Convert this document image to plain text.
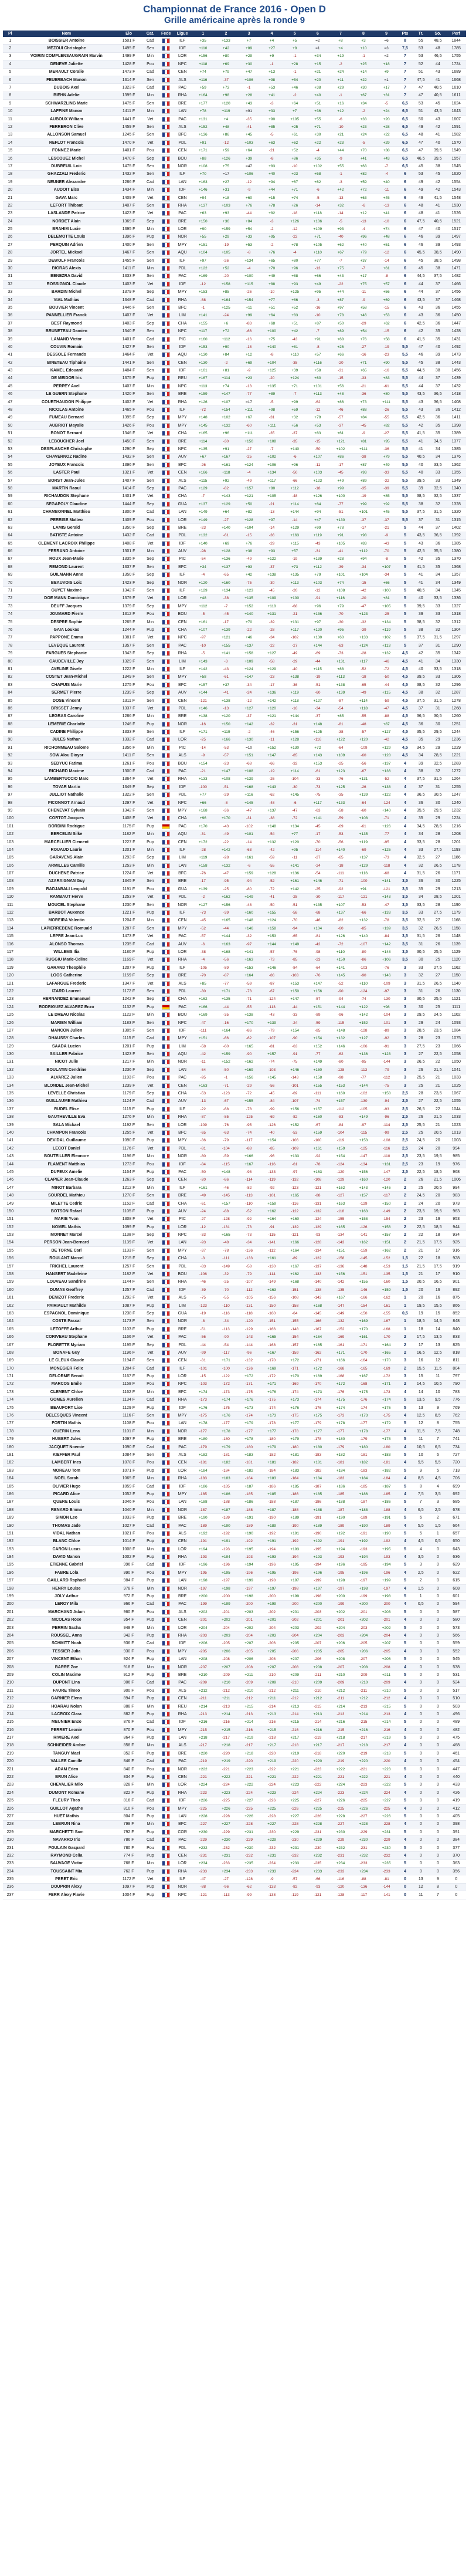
Championnat de France 2016 - Open D
Grille américaine après la ronde 9
Pl	Nom	Elo	Cat.	Fede	Ligue	1	2	3	4	5	6	7	8	9	Pts	Tr.	So.	Perf
1	BOISSIER Antoine	1501 F	Cad		ILF	+35	+133	+7	+4	+5	=2	+8	+3	=6	8	55	48,5	1844
2	MEZOUI Christophe	1495 F	Sen		IDF	+110	+42	+89	+27	+8	=1	+4	+10	=3	7,5	53	48	1785
3	VOIRIN COMPLENSAUGRAIN Marvin	1499 F	Min		LOR	+156	+80	+29	+9	-1	+34	+19	-1	=2	7	53	46,5	1755
4	DENEVE Juliette	1428 F	Pou		NPC	+118	+69	+30	-1	+28	+15	-2	+25	+18	7	52	44	1724
5	MERAULT Coralie	1473 F	Cad		CEN	+74	+79	+47	+13	-1	+21	+24	+14	+9	7	51	43	1689
6	FEUERBACH Manon	1314 F	Sen		ALS	+116	-37	+106	+98	+54	+20	+11	+22	=1	7	47,5	41	1668
7	DUBOIS Axel	1323 F	Cad		PAC	+59	+73	-1	+53	+46	+38	+29	+30	+17	7	47	40,5	1610
8	BIEHN Adelie	1399 F	Min		RHA	+164	+98	+28	+41	-2	+40	-1	+67	+31	7	47	40,5	1611
9	SCHWARZLING Marie	1475 F	Sen		BRE	+177	+120	+43	-3	+64	+51	+16	+34	-5	6,5	53	45	1624
10	LAFFINE Manon	1411 F	Min		LAN	+78	+119	=91	+33	+7	+36	+12	-2	+24	6,5	51	43,5	1643
11	AUBOUX William	1441 F	Vet		PAC	+131	+4	-35	+90	+105	+55	-6	+33	+20	6,5	50	43	1607
12	FERRERON Clive	1459 F	Sen		ALS	+152	+48	-41	+85	+25	+71	-10	+23	+28	6,5	49	42	1591
13	ALLONSON Samuel	1245 F	Sen		BFC	+136	+86	+45	-5	+61	+30	+21	+24	+22	6,5	48	41	1582
14	REFLOT Francois	1470 F	Vet		PDL	+91	-12	+103	+63	+62	+22	+23	-5	+29	6,5	47	40	1570
15	FONNEZ Marie	1401 F	Pou		CEN	+171	+59	+64	-21	+52	-4	+44	+70	+38	6,5	47	39,5	1549
16	LESCOUEZ Michel	1470 F	Sep		BOU	+88	+126	+39	-8	+86	+35	-9	+41	+43	6,5	46,5	39,5	1557
17	DUBREUIL Loic	1475 F	Sen		NOR	+108	+75	=47	+83	-10	+102	+55	+63	-7	6,5	45	38	1545
18	GHAZZALI Frederic	1432 F	Sen		ILF	+70	=17	+106	+40	+23	+58	-1	+82	-4	6	53	45	1620
19	NEUNER Alexandre	1286 F	Cad		LAN	+163	+27	-12	+94	+67	+82	-3	+59	+40	6	49	42	1554
20	AUDOIT Elsa	1434 F	Min		IDF	+146	+31	-9	+44	+71	-6	+42	+72	-11	6	49	42	1543
21	GAVA Marc	1409 F	Vet		CEN	+94	+18	+60	+15	+74	-5	-13	+63	+45	6	49	41,5	1548
22	LEFORT Thibaut	1407 F	Sen		RHA	+137	+103	+76	+78	+26	-14	+32	-6	-13	6	48	41	1530
23	LASLANDE Patrice	1423 F	Vet		PAC	+63	+93	-44	+82	-18	+118	-14	+12	+41	6	48	41	1526
24	NORDET Alain	1369 F	Sep		BRE	+150	+36	+84	-3	+126	+106	-5	-13	-10	6	47,5	40,5	1521
25	BRAHIM Lucie	1395 F	Min		LOR	+90	+159	+54	-2	-12	+109	+93	-4	+74	6	47	40	1517
26	DELEMOTTE Louis	1396 F	Pup		NOR	+55	+29	+33	+95	-22	+71	-40	+96	+48	6	46	39	1497
27	PERQUIN Adrien	1400 F	Sen		MPY	+151	-19	+53	-2	+78	+105	+62	+40	+51	6	46	39	1493
28	JORTEL Mickael	1467 F	Sen		AQU	+104	+105	-8	+76	-4	+110	+67	+79	-12	6	45,5	38,5	1490
29	DEWOLF Francois	1455 F	Sen		ILF	+97	-26	+134	+65	+80	+77	-7	+37	-14	6	45	38,5	1498
30	BIGRAS Alexis	1411 F	Min		PDL	+122	+52	-4	+70	+96	-13	+75	-7	+61	6	45	38	1471
31	BENEZRA David	1333 F	Sen		PAC	+169	-20	+100	+49	+88	+66	+43	+17	-8	6	44,5	37,5	1482
32	ROSSIGNOL Claude	1403 F	Vet		IDF	-12	+158	+115	+88	+93	+49	-22	+75	+57	6	44	37	1466
33	BARDIN Michel	1379 F	Sep		MPY	+153	+85	-26	-10	+125	+95	+44	-11	+56	6	44	37	1456
34	VIAL Mathias	1348 F	Cad		RHA	-68	+164	+154	+77	+86	-3	+87	-9	+69	6	43,5	37	1468
35	BOUVIER Vincent	1446 F	Sen		BFC	-1	+125	+11	+51	+52	-16	+97	+58	-15	6	43	36	1455
36	PANNELLIER Franck	1407 F	Vet		LIM	+141	-24	+99	+64	+83	-10	+78	+46	+53	6	43	36	1450
37	BEST Raymond	1403 F	Sep		CHA	+155	+6	-83	+68	+51	+87	+50	-29	+62	6	42,5	36	1447
38	BRUNETEAU Damien	1340 F	Sen		NPC	+117	+72	-66	+100	+42	-7	+89	+54	-15	6	42	35	1428
39	LAMAND Victor	1401 F	Cad		PIC	+160	+112	-16	+75	-43	+91	+68	+76	+58	6	41,5	35	1431
40	COUVIN Romain	1427 F	Sen		IDF	+153	+90	-18	+140	+81	-8	+26	-27	-19	5,5	47	40	1492
41	DESSOLE Fernando	1464 F	Vet		AQU	+130	+84	+12	-8	+110	+57	+66	-16	-23	5,5	46	39	1473
42	BINETEAU Tiphaine	1441 F	Sen		CEN	+130	-2	+69	+104	-38	+116	-20	+71	+90	5,5	45	38	1443
43	KAMEL Edouard	1484 F	Sen		IDF	+101	+81	-9	+125	+39	+58	-31	+65	-16	5,5	44,5	38	1456
44	DE MEIDOR Iris	1375 F	Pup		REU	+167	+114	+23	-20	+124	+80	-15	-33	+83	5,5	44	37	1439
45	PERPEY Axel	1407 F	Min		NPC	+113	+74	-13	+135	+71	+101	+56	-21	-61	5,5	44	37	1432
46	LE GUERN Stephane	1420 F	Sen		BRE	+159	+147	-77	+89	-7	+113	+48	-36	+80	5,5	43,5	36,5	1418
47	COURTHAUDON Philippe	1402 F	Vet		RHA	+126	+107	=17	-5	+99	-62	+86	+73	+111	5,5	43	36,5	1408
48	NICOLAS Antoine	1465 F	Pou		ILF	-72	+154	+111	+98	+59	-12	-46	+88	-26	5,5	43	36	1412
49	FUMEAU Bernard	1395 F	Sep		MPY	+148	+102	+67	-31	+32	+79	-57	+84	-55	5,5	42,5	36	1411
50	AUBRIOT Mayalie	1426 F	Pou		MPY	+145	+132	-60	+111	+56	+53	-37	-45	+82	5,5	42	35	1398
51	BONOT Bernard	1346 F	Vet		CHA	+165	+96	+111	-35	-37	+83	+61	-9	-27	5,5	41,5	35	1389
52	LEBOUCHER Joel	1450 F	Sen		BRE	+114	-30	+150	+108	-35	-15	+121	+81	+95	5,5	41	34,5	1377
53	DESPLANCHE Christophe	1290 F	Sep		NPC	+135	+91	-27	-7	+140	-50	+102	+111	-36	5,5	41	34	1385
54	CHAVERNOZ Nadine	1432 F	Sen		AUV	+67	+167	-25	+102	-6	+107	+86	-38	+79	5,5	40,5	34	1376
55	JOYEUX Francois	1396 F	Sen		BFC	-26	+161	+124	+106	+96	-11	-17	+87	+49	5,5	40	33,5	1362
56	LASTER Paul	1321 F	Vet		CEN	+166	+118	-4	+134	-50	+103	-45	+93	-33	5,5	40	33	1355
57	BORST Jean-Jules	1407 F	Sen		ALS	+115	+92	-49	+117	-66	+123	+49	+89	-32	5,5	39,5	33	1349
58	MARTIN Raoul	1414 F	Sep		PAC	+129	-82	+157	+80	+112	-18	+99	-35	-39	5,5	39	32,5	1340
59	RICHAUDON Stephane	1401 F	Vet		CHA	-7	+143	+121	+105	-48	+126	+100	-19	+85	5,5	38,5	32,5	1337
60	SEGAPOLY Claudine	1444 F	Sep		GUA	+137	+129	+50	-21	+114	+84	-77	+99	+92	5,5	38	32	1328
61	CHAMBONNEL Matthieu	1300 F	Cad		LAN	+149	+64	+82	-13	+144	+94	-51	+101	+45	5,5	37,5	31,5	1320
62	PERRISE Matteo	1409 F	Pou		LOR	+149	-27	+128	+97	-14	+47	+130	-37	-37	5,5	37	31	1315
63	LAMIS Gerald	1350 F	Sep		BRE	-23	+140	+104	-14	+129	+99	+78	-17	-21	5	44	37	1402
64	BATISTE Antoine	1432 F	Cad		PDL	+132	-61	-15	-36	+163	+119	+91	+98	-9	5	43,5	36,5	1392
65	CLEMENT LACROIX Philippe	1408 F	Vet		IDF	+140	+69	+76	-29	+115	-43	+105	+83	-43	5	43	36	1385
66	FERRAND Antoine	1301 F	Min		AUV	-98	+128	+38	+93	+57	-31	-41	+112	-70	5	42,5	35,5	1380
67	ROUX Jean-Marie	1335 F	Sep		PIC	-54	+136	-49	+122	-19	+139	+28	+94	-8	5	42	35	1370
68	REMOND Laurent	1337 F	Sen		BFC	+34	+137	+93	-37	+73	+112	-39	-34	+107	5	41,5	35	1368
69	GUILMANN Anne	1350 F	Sep		ILF	-4	-65	+42	+138	+135	+79	+101	+104	-34	5	41	34	1357
70	BEAUVOIS Loic	1423 F	Sep		NOR	+120	+160	-75	-30	+113	+103	+74	-15	+66	5	41	34	1349
71	GUYET Maxime	1342 F	Sen		ILF	+129	+134	+123	-45	-20	-12	+108	-42	+100	5	40,5	34	1345
72	DOE MANN Dominique	1379 F	Vet		LOR	+48	-38	+135	+109	+100	-91	+116	-20	+81	5	40	33,5	1336
73	DEUFF Jacques	1379 F	Sep		MPY	+112	-7	+152	+118	-68	+96	+79	-47	+105	5	39,5	33	1327
74	JOUMARD Pierre	1312 F	Pou		BOU	-5	-45	+140	+131	-21	+136	-70	+123	-25	5	39	33	1318
75	DESPRE Sophie	1265 F	Min		CEN	+161	-17	+70	-39	+131	+97	-30	-32	+134	5	38,5	32	1312
76	GAIA Loukas	1244 F	Pup		CHA	+107	+139	-22	-28	+117	+120	+95	-39	+119	5	38	32	1304
77	PAPPONE Emma	1381 F	Vet		NPC	-97	+121	+46	-34	-102	+130	+60	+133	+102	5	37,5	31,5	1297
78	LEVEQUE Laurent	1357 F	Sen		PAC	-10	+155	+137	-22	-27	+144	-63	+124	+113	5	37	31	1290
79	FARGUES Stephanie	1343 F	Sep		RHA	-5	+141	+158	+127	-49	-69	-73	-28	+132	4,5	42	35	1342
80	CAUDEVILLE Joy	1329 F	Sen		LIM	+143	-3	+109	-58	-29	-44	+131	+117	-46	4,5	41	34	1330
81	AVELINE Gisele	1222 F	Min		ILF	+142	-43	+124	+129	-40	+115	+88	-52	-72	4,5	40	33,5	1318
82	COSTET Jean-Michel	1349 F	Sen		MPY	+58	-61	+147	-23	+138	-19	+113	-18	-50	4,5	39,5	33	1306
83	CHAPUIS Marie	1275 F	Pou		BFC	+157	+37	-34	-17	-36	-51	+138	-65	-44	4,5	38,5	32	1296
84	SERMET Pierre	1239 F	Sep		AUV	+144	-41	-24	+136	+119	-60	+139	-49	+115	4,5	38	32	1287
85	DOSE Vincent	1311 F	Sen		CEN	-121	+138	-12	+142	+118	+127	-87	+114	-59	4,5	37,5	31,5	1278
86	BRISSET Jenny	1337 F	Vet		PDL	+146	-13	+127	+120	-16	-34	-54	+118	-47	4,5	37	31	1268
87	LEGRAS Caroline	1286 F	Min		BRE	+138	+120	-37	+121	+144	-37	+85	-55	-88	4,5	36,5	30,5	1260
88	LEMERIE Charlotte	1246 F	Pup		NOR	-16	+150	+142	-32	-31	+148	-81	-48	+87	4,5	36	30	1251
89	CADINE Philippe	1333 F	Sen		ILF	+171	+119	-2	-46	+156	+125	-38	-57	+127	4,5	35,5	29,5	1244
90	JULES Nathan	1332 F	Cad		LOR	-25	+166	+130	-11	+128	-116	+122	+120	-42	4,5	35	29	1236
91	RICHOMMEAU Salome	1356 F	Min		PIC	-14	-53	=10	+152	+130	+72	-64	-109	+129	4,5	34,5	29	1229
92	SOW Alou Dioyar	1411 F	Sen		ALS	-9	-57	+151	+147	-85	+143	+109	-60	+128	4,5	34	28,5	1221
93	SEDYUC Fatima	1261 F	Pou		BOU	+154	-23	-68	-66	-32	+153	-25	-56	+137	4	39	32,5	1283
94	RICHARD Maxime	1300 F	Cad		PAC	-21	+147	+108	-19	+114	-61	+123	-67	+136	4	38	32	1272
95	LAMBERTUCCIO Marc	1364 F	Vet		RHA	+133	+108	+139	-26	-104	-33	-76	+131	-52	4	37,5	31,5	1264
96	TOVAR Martin	1349 F	Sep		IDF	-100	-51	+168	+143	-30	-73	+125	-26	+138	4	37	31	1255
97	JULLIOT Nathalie	1322 F	Sen		PDL	+77	-29	+116	-62	+145	-75	-35	+139	+122	4	36,5	30,5	1247
98	PICONNOT Arnaud	1297 F	Vet		NPC	+66	-8	+145	-48	-6	+117	+133	-64	-124	4	36	30	1240
99	CHENEVAT Sylvain	1342 F	Sen		MPY	+168	-36	-47	+137	-47	-63	-58	-60	+140	4	35,5	29,5	1232
100	CORTOT Jacques	1408 F	Vet		CHA	+96	+170	-31	-38	-72	+141	-59	+108	-71	4	35	29	1224
101	BORDINI Rodrigue	1175 F	Pup		PAC	+170	-43	-102	+148	+134	-45	-69	-61	+126	4	34,5	28,5	1216
102	BERCELIN Silke	1182 F	Min		AQU	-31	-49	+101	-54	+77	-17	-53	+135	-77	4	34	28	1208
103	MARCELLIER Clement	1227 F	Pup		CEN	+172	-22	-14	+132	+120	-70	-56	+119	-95	4	33,5	28	1201
104	ROUAUD Laurie	1201 F	Min		ILF	-28	+142	-63	-42	+95	-114	+140	-69	+125	4	33	27,5	1193
105	GARAVENS Alain	1293 F	Sep		LIM	+119	-28	+161	-59	-11	-27	-65	+137	-73	4	32,5	27	1186
106	ARMILLES Camille	1253 F	Min		LAN	+158	+132	-6	-55	+141	-24	-18	+129	-118	4	32	26,5	1178
107	DUCHENE Patrice	1224 F	Vet		BFC	-76	-47	+159	+128	+136	-54	-111	+116	-68	4	31,5	26	1171
108	AZARAIGNAN Guy	1345 F	Sen		BRE	-17	-95	-94	-52	+161	+146	-71	-100	+141	3,5	36	30	1225
109	RADJABALI Leopold	1191 F	Pou		GUA	+139	-25	-80	-72	+142	-25	-92	+91	-121	3,5	35	29	1213
110	RAMBAUT Herve	1253 F	Vet		PDL	-2	+162	+149	-41	-28	-30	-117	-121	+143	3,5	34	28,5	1201
111	MOUCEL Stephane	1230 F	Sen		NOR	+127	+156	-48	-50	-51	+135	+107	-53	-47	3,5	33,5	28	1190
112	BARBOT Auxence	1221 F	Pup		ILF	-73	-39	+160	+155	-58	-68	+137	-66	+133	3,5	33	27,5	1179
113	MOREIRA Valentin	1204 F	Min		CEN	-45	+165	+148	+124	-70	-46	-82	+132	-78	3,5	32,5	27	1168
114	LAPIERREBENE Romuald	1287 F	Sen		MPY	-52	-44	+146	+158	-94	+104	-60	-85	+139	3,5	32	26,5	1158
115	LEPRE Jean-Luc	1473 F	Vet		PAC	-57	+144	-32	+153	-65	-81	+126	+140	-84	3,5	31,5	26	1148
116	ALONSO Thomas	1235 F	Cad		AUV	-6	+163	-97	+144	+149	-42	-72	-107	+142	3,5	31	26	1139
117	WILLEMS Ilia	1180 F	Pup		LOR	-38	+168	+141	-57	-76	-98	+110	-80	+148	3,5	30,5	25,5	1129
118	RUGGIU Marie-Celine	1169 F	Vet		RHA	-4	-56	+163	-73	-85	-23	+150	-86	+106	3,5	30	25	1120
119	GARAND Theophile	1207 F	Pup		ILF	-105	-89	+153	+146	-84	-64	+141	-103	-76	3	33	27,5	1162
120	LOOS Catherine	1159 F	Sep		BRE	-70	-87	+164	-86	-103	-76	+145	-90	+146	3	32	27	1150
121	LAFARGUE Frederic	1347 F	Vet		ALS	+85	-77	-59	-87	+153	+147	-52	+110	-109	3	31,5	26,5	1140
122	IZARD Laurent	1172 F	Sen		PDL	-30	+171	-73	-67	+150	+156	-90	-124	-97	3	31	26	1130
123	HERNANDEZ Emmanuel	1242 F	Sep		CHA	+162	+135	-71	-124	+147	-57	-94	-74	-130	3	30,5	25,5	1121
124	RODRIGUEZ ALVAREZ Enzo	1132 F	Pup		PAC	+166	-44	-55	-113	-44	+151	+144	+122	+98	3	30	25	1111
125	LE DREAU Nicolas	1122 F	Min		BOU	+169	-35	+138	-43	-33	-89	-96	+142	-104	3	29,5	24,5	1102
126	MARIEN William	1183 F	Sen		NPC	-47	-16	+170	+139	-24	-59	-115	+152	-101	3	29	24	1093
127	MANCON Julien	1305 F	Sen		IDF	-111	+164	-86	-79	+154	-85	+148	-128	-89	3	28,5	23,5	1084
128	DHAUSSY Charles	1115 F	Cad		MPY	+151	-66	-62	-107	-90	+154	+132	+127	-92	3	28	23	1075
129	SAADA Lucien	1201 F	Pup		LIM	-58	-60	+165	-81	-63	+152	+146	-106	-91	3	27,5	23	1066
130	SAILLER Fabrice	1423 F	Sen		AQU	-42	+159	-90	+157	-91	-77	-62	+136	+123	3	27	22,5	1058
131	NICOT Julie	1217 F	Min		NOR	-11	+152	+162	-74	-75	+149	-80	-95	-144	3	26,5	22	1050
132	BOULATIN Cendrine	1236 F	Sep		LAN	-64	-50	+169	-103	+146	+150	-128	-113	-79	3	26	21,5	1041
133	ALVAREZ Julien	1193 F	Pou		PAC	-95	-1	+156	+145	-143	+158	-98	-77	-112	3	25,5	21	1033
134	BLONDEL Jean-Michel	1239 F	Vet		CEN	+163	-71	-29	-56	-101	+155	+153	+144	-75	3	25	21	1025
135	LEVELLE Christian	1179 F	Sep		CHA	-53	-123	-72	-45	-69	-111	+160	-102	+158	2,5	28	23,5	1067
136	GUILLAUME Mathieu	1124 F	Cad		AUV	-13	-67	+155	-84	-107	-74	+157	-130	-94	2,5	27	22,5	1055
137	RUDEL Elise	1115 F	Pup		ILF	-22	-68	-78	-99	+156	+157	-112	-105	-93	2,5	26,5	22	1044
138	GAUTHEVILLE Eva	1276 F	Min		RHA	-87	-85	-125	-69	-82	+160	-83	+149	-96	2,5	26	21,5	1033
139	SALA Mickael	1192 F	Sen		LOR	-109	-76	-95	-126	+152	-67	-84	-97	-114	2,5	25,5	21	1023
140	CHAMPON Francois	1255 F	Vet		BFC	-65	-63	-74	-40	-53	+159	-104	-115	-99	2,5	25	20,5	1013
141	DEVIDAL Guillaume	1090 F	Pup		MPY	-36	-79	-117	+154	-106	-100	-119	+153	-108	2,5	24,5	20	1003
142	LECOT Daniel	1176 F	Vet		PDL	-81	-104	-88	-85	-109	+161	+159	-125	-116	2,5	24	20	994
143	BOUTEILLER Eleonore	1196 F	Min		NOR	-80	-59	+166	-96	+133	-92	+154	-147	-110	2,5	23,5	19,5	985
144	FLAMENT Matthias	1273 F	Pou		IDF	-84	-115	+167	-116	-61	-78	-124	-134	+131	2,5	23	19	976
145	DUPEUX Amelie	1164 F	Pup		PAC	-50	+148	-98	-133	-97	+163	-120	+156	-147	2,5	22,5	18,5	968
146	CLAPIER Jean-Claude	1263 F	Sep		CEN	-20	-86	-114	-119	-132	-108	-129	+160	-120	2	26	21,5	1006
147	MINOT Barbara	1212 F	Min		ILF	+161	-46	-82	-92	-123	-121	+162	+143	+145	2	25	20,5	994
148	SOURDEL Mathieu	1270 F	Sen		BRE	-49	-145	-113	-101	+165	-88	-127	+157	-117	2	24,5	20	983
149	MILETTE Cedric	1152 F	Cad		CHA	-61	+157	-110	+159	-116	-131	+163	-129	+150	2	24	20	973
150	BOTSON Rafael	1105 F	Pup		AUV	-24	-88	-52	+162	-122	-132	-118	+163	-149	2	23,5	19,5	963
151	MARIE Yvon	1308 F	Vet		PIC	-27	-128	-92	+164	+160	-124	-155	+158	-154	2	23	19	953
152	NOMEL Mathis	1099 F	Pup		LOR	-12	-131	-73	-91	-139	-129	+165	-126	+156	2	22,5	18,5	944
153	MONNET Marcel	1138 F	Sep		NPC	-33	+165	-73	-115	-121	-93	-134	-141	+157	2	22	18	934
154	PERSON Jean-Bernard	1139 F	Vet		LAN	-93	-48	-34	-141	+166	-128	-143	+162	+151	2	21,5	17,5	925
155	DE TORNE Carl	1133 F	Sen		MPY	-37	-78	-136	-112	+164	-134	+151	-159	+162	2	21	17	916
156	ROULANT Marcel	1215 F	Sep		CHA	-3	-111	-133	+161	-89	-122	-158	-145	-152	1,5	22	18	928
157	FRICHEL Laurent	1257 F	Sen		PDL	-83	-149	-58	-130	+167	-137	-136	-148	-153	1,5	21,5	17,5	919
158	HANSERT Madeleine	1182 F	Vet		BOU	-106	-32	-79	-114	+162	-133	+156	-151	-135	1,5	21	17	910
159	LOUVEAU Sandrine	1144 F	Sen		RHA	-46	-25	-107	-149	+168	-140	-142	+155	-160	1,5	20,5	16,5	901
160	DUMAS Geoffrey	1257 F	Cad		IDF	-39	-70	-112	+163	-151	-138	-135	-146	+159	1,5	20	16	892
161	DENIZOT Frederic	1292 F	Vet		ALS	-75	-55	-105	-156	-108	-142	+167	-166	-162	1	20	16	875
162	PAIRIAULT Mathilde	1087 F	Pup		LIM	-123	-110	-131	-150	-158	+168	-147	-154	-161	1	19,5	15,5	866
163	ESPAGNOL Dominique	1238 F	Sep		GUA	-19	-116	-118	-160	-64	-145	-149	-150	-155	0,5	19	15	852
164	COSTE Pascal	1173 F	Sen		NOR	-8	-34	-120	-151	-155	-166	-132	+169	-167	1	18,5	14,5	848
165	LETOFFE Arthur	1103 F	Pup		BRE	-51	-113	-129	-166	-148	-167	-152	+170	-168	1	18	14	840
166	CORIVEAU Stephane	1166 F	Vet		PAC	-56	-90	-143	+165	-154	+164	-169	+161	-170	2	17,5	13,5	833
167	FLORETTE Myriam	1195 F	Sep		PDL	-44	-54	-144	-168	-157	+165	-161	-171	+164	2	17	13	825
168	BONAFE Guy	1196 F	Vet		AUV	-99	-117	-96	+167	-159	-162	+171	-170	+165	2	16,5	12,5	818
169	LE CLEUX Claude	1194 F	Sen		CEN	-31	+171	-132	-170	+172	-171	+166	-164	+170	3	16	12	811
170	MONEGIER Felix	1204 F	Cad		ILF	-101	-100	-126	+169	-171	+172	-168	-165	-169	2	15,5	11,5	804
171	DELORME Benoit	1167 F	Pup		LOR	-15	-122	+172	-172	+170	+169	-168	+167	-172	3	15	11	797
172	MARCOS Emile	1158 F	Pou		NPC	-103	-172	-171	+171	-169	-170	+172	-168	+171	2	14,5	10,5	790
173	CLEMENT Chloe	1162 F	Min		BFC	+174	-173	-175	+176	-174	+173	-176	+175	-173	4	14	10	783
174	GOMES Aurelien	1134 F	Cad		RHA	-173	+174	+176	-175	+173	-174	+175	-176	+174	5	13,5	9,5	776
175	BEAUFORT Lise	1129 F	Pup		IDF	+176	-175	+173	-174	+176	-176	+174	-174	+176	5	13	9	769
176	DELESQUES Vincent	1116 F	Sen		MPY	-175	+176	-174	+173	-175	+175	-173	+173	-175	4	12,5	8,5	762
177	FORTIN Mathis	1108 F	Pou		LAN	+178	-177	+179	-178	+177	-179	+178	-177	+179	5	12	8	755
178	GUERIN Lena	1101 F	Min		NOR	-177	+178	-177	+177	-178	+177	-177	+178	-177	4	11,5	7,5	748
179	HUBERT Jules	1097 F	Pup		BRE	+180	-180	+178	-180	+179	-178	+180	-179	+178	5	11	7	741
180	JACQUET Noemie	1090 F	Cad		PAC	-179	+179	-180	+179	-180	+180	-179	+180	-180	4	10,5	6,5	734
181	KIEFFER Paul	1084 F	Sen		ALS	+182	-181	+183	-182	+181	-183	+182	-181	+183	5	10	6	727
182	LAMBERT Ines	1078 F	Pou		CEN	-181	+182	-181	+181	-182	+181	-181	+182	-181	4	9,5	5,5	720
183	MOREAU Tom	1071 F	Pup		LOR	+184	-184	+182	-184	+183	-182	+184	-183	+182	5	9	5	713
184	NOEL Sarah	1065 F	Min		RHA	-183	+183	-184	+183	-184	+184	-183	+184	-184	4	8,5	4,5	706
185	OLIVIER Hugo	1059 F	Cad		IDF	+186	-185	+187	-186	+185	-187	+186	-185	+187	5	8	4	699
186	PICARD Alice	1052 F	Pup		MPY	-185	+186	-185	+185	-186	+185	-185	+186	-185	4	7,5	3,5	692
187	QUERE Louis	1046 F	Pou		LAN	+188	-188	+186	-188	+187	-186	+188	-187	+186	5	7	3	685
188	RENARD Emma	1040 F	Min		NOR	-187	+187	-188	+187	-188	+188	-187	+188	-188	4	6,5	2,5	678
189	SIMON Leo	1033 F	Pup		BRE	+190	-189	+191	-190	+189	-191	+190	-189	+191	5	6	2	671
190	THOMAS Jade	1027 F	Cad		PAC	-189	+190	-189	+189	-190	+189	-189	+190	-189	4	5,5	1,5	664
191	VIDAL Nathan	1021 F	Pou		ALS	+192	-192	+190	-192	+191	-190	+192	-191	+190	5	5	1	657
192	BLANC Chloe	1014 F	Pup		CEN	-191	+191	-192	+191	-192	+192	-191	+192	-192	4	4,5	0,5	650
193	CARON Lucas	1008 F	Min		LOR	+194	-193	+195	-194	+193	-195	+194	-193	+195	5	4	0	643
194	DAVID Manon	1002 F	Pup		RHA	-193	+194	-193	+193	-194	+193	-193	+194	-193	4	3,5	0	636
195	ETIENNE Gabriel	996 F	Cad		IDF	+196	-196	+194	-196	+195	-194	+196	-195	+194	5	3	0	629
196	FABRE Lola	990 F	Pou		MPY	-195	+195	-196	+195	-196	+196	-195	+196	-196	4	2,5	0	622
197	GAILLARD Raphael	984 F	Pup		LAN	+198	-197	+199	-198	+197	-199	+198	-197	+199	5	2	0	615
198	HENRY Louise	978 F	Min		NOR	-197	+198	-197	+197	-198	+197	-197	+198	-197	4	1,5	0	608
199	JOLY Arthur	972 F	Pup		BRE	+200	-200	+198	-200	+199	-198	+200	-199	+198	5	1	0	601
200	LEROY Mila	966 F	Cad		PAC	-199	+199	-200	+199	-200	+200	-199	+200	-200	4	0,5	0	594
201	MARCHAND Adam	960 F	Pou		ALS	+202	-201	+203	-202	+201	-203	+202	-201	+203	5	0	0	587
202	NICOLAS Rose	954 F	Pup		CEN	-201	+202	-201	+201	-202	+201	-201	+202	-201	4	0	0	580
203	PERRIN Sacha	948 F	Min		LOR	+204	-204	+202	-204	+203	-202	+204	-203	+202	5	0	0	573
204	ROUSSEL Anna	942 F	Pup		RHA	-203	+203	-204	+203	-204	+204	-203	+204	-204	4	0	0	566
205	SCHMITT Noah	936 F	Cad		IDF	+206	-205	+207	-206	+205	-207	+206	-205	+207	5	0	0	559
206	TESSIER Julia	930 F	Pou		MPY	-205	+206	-205	+205	-206	+205	-205	+206	-205	4	0	0	552
207	VINCENT Ethan	924 F	Pup		LAN	+208	-208	+206	-208	+207	-206	+208	-207	+206	5	0	0	545
208	BARRE Zoe	918 F	Min		NOR	-207	+207	-208	+207	-208	+208	-207	+208	-208	4	0	0	538
209	COLIN Maxime	912 F	Pup		BRE	+210	-209	+211	-210	+209	-211	+210	-209	+211	5	0	0	531
210	DUPONT Lina	906 F	Cad		PAC	-209	+210	-209	+209	-210	+209	-209	+210	-209	4	0	0	524
211	FAURE Timeo	900 F	Pou		ALS	+212	-212	+210	-212	+211	-210	+212	-211	+210	5	0	0	517
212	GARNIER Elena	894 F	Pup		CEN	-211	+211	-212	+211	-212	+212	-211	+212	-212	4	0	0	510
213	HOARAU Nolan	888 F	Min		REU	+214	-213	+215	-214	+213	-215	+214	-213	+215	5	0	0	503
214	LACROIX Clara	882 F	Pup		RHA	-213	+214	-213	+213	-214	+213	-213	+214	-213	4	0	0	496
215	MEUNIER Enzo	876 F	Cad		IDF	+216	-216	+214	-216	+215	-214	+216	-215	+214	5	0	0	489
216	PERRET Leonie	870 F	Pou		MPY	-215	+215	-216	+215	-216	+216	-215	+216	-216	4	0	0	482
217	RIVIERE Axel	864 F	Pup		LAN	+218	-217	+219	-218	+217	-219	+218	-217	+219	5	0	0	475
218	SCHNEIDER Ambre	858 F	Min		ALS	-217	+218	-217	+217	-218	+217	-217	+218	-217	4	0	0	468
219	TANGUY Mael	852 F	Pup		BRE	+220	-220	+218	-220	+219	-218	+220	-219	+218	5	0	0	461
220	VALLEE Camille	846 F	Cad		PAC	-219	+219	-220	+219	-220	+220	-219	+220	-220	4	0	0	454
221	ADAM Eden	840 F	Pou		NOR	+222	-221	+223	-222	+221	-223	+222	-221	+223	5	0	0	447
222	BRUN Alice	834 F	Pup		CEN	-221	+222	-221	+221	-222	+221	-221	+222	-221	4	0	0	440
223	CHEVALIER Milo	828 F	Min		LOR	+224	-224	+222	-224	+223	-222	+224	-223	+222	5	0	0	433
224	DUMONT Romane	822 F	Pup		RHA	-223	+223	-224	+223	-224	+224	-223	+224	-224	4	0	0	426
225	FLEURY Theo	816 F	Cad		IDF	+226	-225	+227	-226	+225	-227	+226	-225	+227	5	0	0	419
226	GUILLOT Agathe	810 F	Pou		MPY	-225	+226	-225	+225	-226	+225	-225	+226	-225	4	0	0	412
227	HUET Mathis	804 F	Pup		LAN	+228	-228	+226	-228	+227	-226	+228	-227	+226	5	0	0	405
228	LEBRUN Nina	798 F	Min		BFC	-227	+227	-228	+227	-228	+228	-227	+228	-228	4	0	0	398
229	MARCHETTI Sam	792 F	Pup		COR	+230	-229	+231	-230	+229	-231	+230	-229	+231	5	0	0	391
230	NAVARRO Iris	786 F	Cad		PAC	-229	+230	-229	+229	-230	+229	-229	+230	-229	4	0	0	384
231	POULAIN Gaspard	780 F	Pou		PDL	+232	-232	+230	-232	+231	-230	+232	-231	+230	5	0	0	377
232	RAYMOND Celia	774 F	Pup		CEN	-231	+231	-232	+231	-232	+232	-231	+232	-232	4	0	0	370
233	SAUVAGE Victor	768 F	Min		LOR	+234	-233	+235	-234	+233	-235	+234	-233	+235	5	0	0	363
234	TOUSSAINT Mia	762 F	Pup		RHA	-233	+234	-233	+233	-234	+233	-233	+234	-233	4	0	0	356
235	PERET Eric	1172 F	Vet		ILF	-47	-27	-128	-9	-57	-66	-116	-88	-81	0	13	9	0
236	DOUPRIN Alexy	1097 F	Pup		NOR	-88	-96	-62	-133	-82	-93	-120	-136	-144	0	12	8	0
237	FERR Alexy Flavie	1004 F	Pup		NPC	-121	-113	-99	-138	-119	-121	-128	-117	-141	0	11	7	0
